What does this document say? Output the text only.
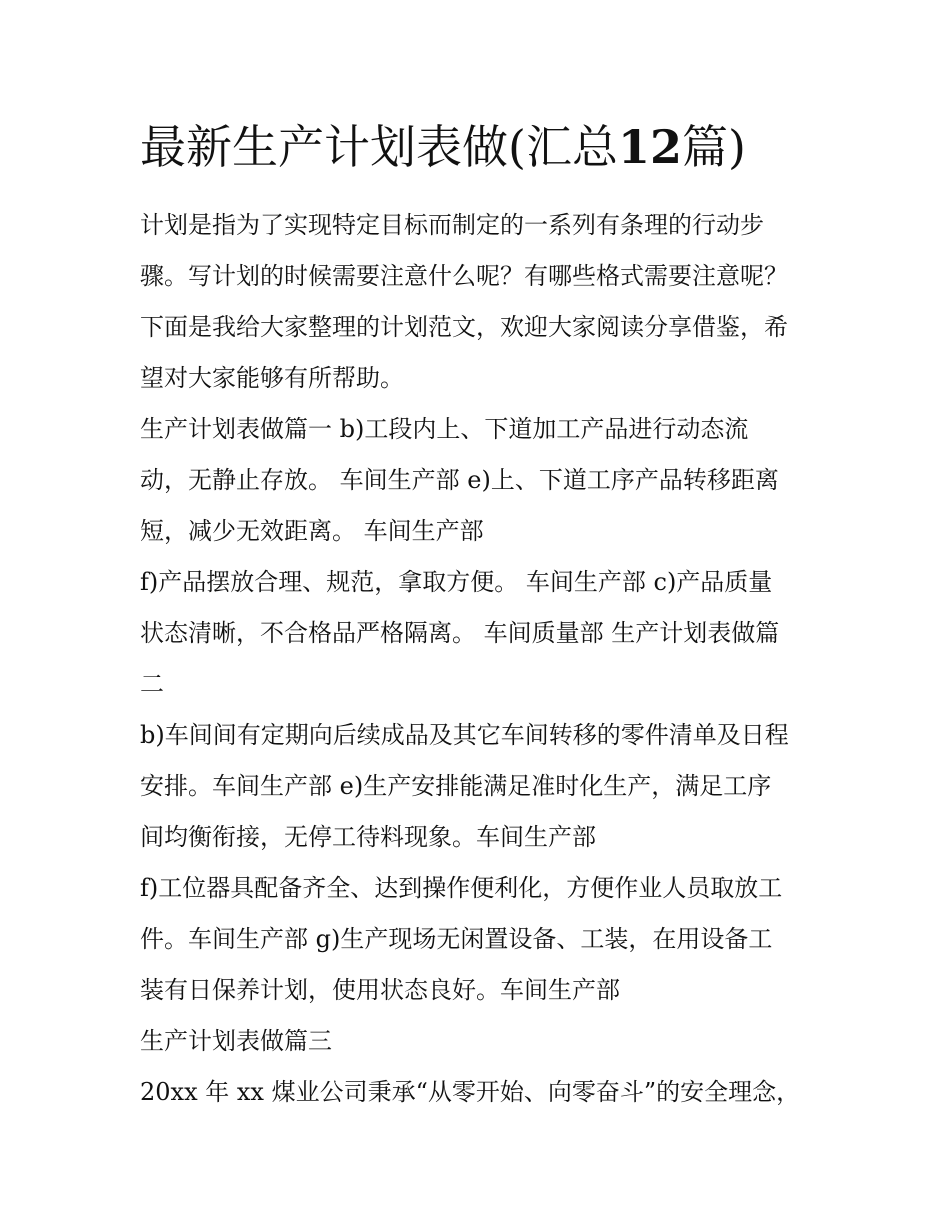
最新生产计划表做(汇总12篇)
计划是指为了实现特定目标而制定的一系列有条理的行动步
骤。写计划的时候需要注意什么呢？有哪些格式需要注意呢？
下面是我给大家整理的计划范文，欢迎大家阅读分享借鉴，希
望对大家能够有所帮助。
生产计划表做篇一 b)工段内上、下道加工产品进行动态流
动，无静止存放。 车间生产部 e)上、下道工序产品转移距离
短，减少无效距离。 车间生产部
f)产品摆放合理、规范，拿取方便。 车间生产部 c)产品质量
状态清晰，不合格品严格隔离。 车间质量部 生产计划表做篇
二
b)车间间有定期向后续成品及其它车间转移的零件清单及日程
安排。车间生产部 e)生产安排能满足准时化生产，满足工序
间均衡衔接，无停工待料现象。车间生产部
f)工位器具配备齐全、达到操作便利化，方便作业人员取放工
件。车间生产部 g)生产现场无闲置设备、工装，在用设备工
装有日保养计划，使用状态良好。车间生产部
生产计划表做篇三
20xx 年 xx 煤业公司秉承“从零开始、向零奋斗”的安全理念，
